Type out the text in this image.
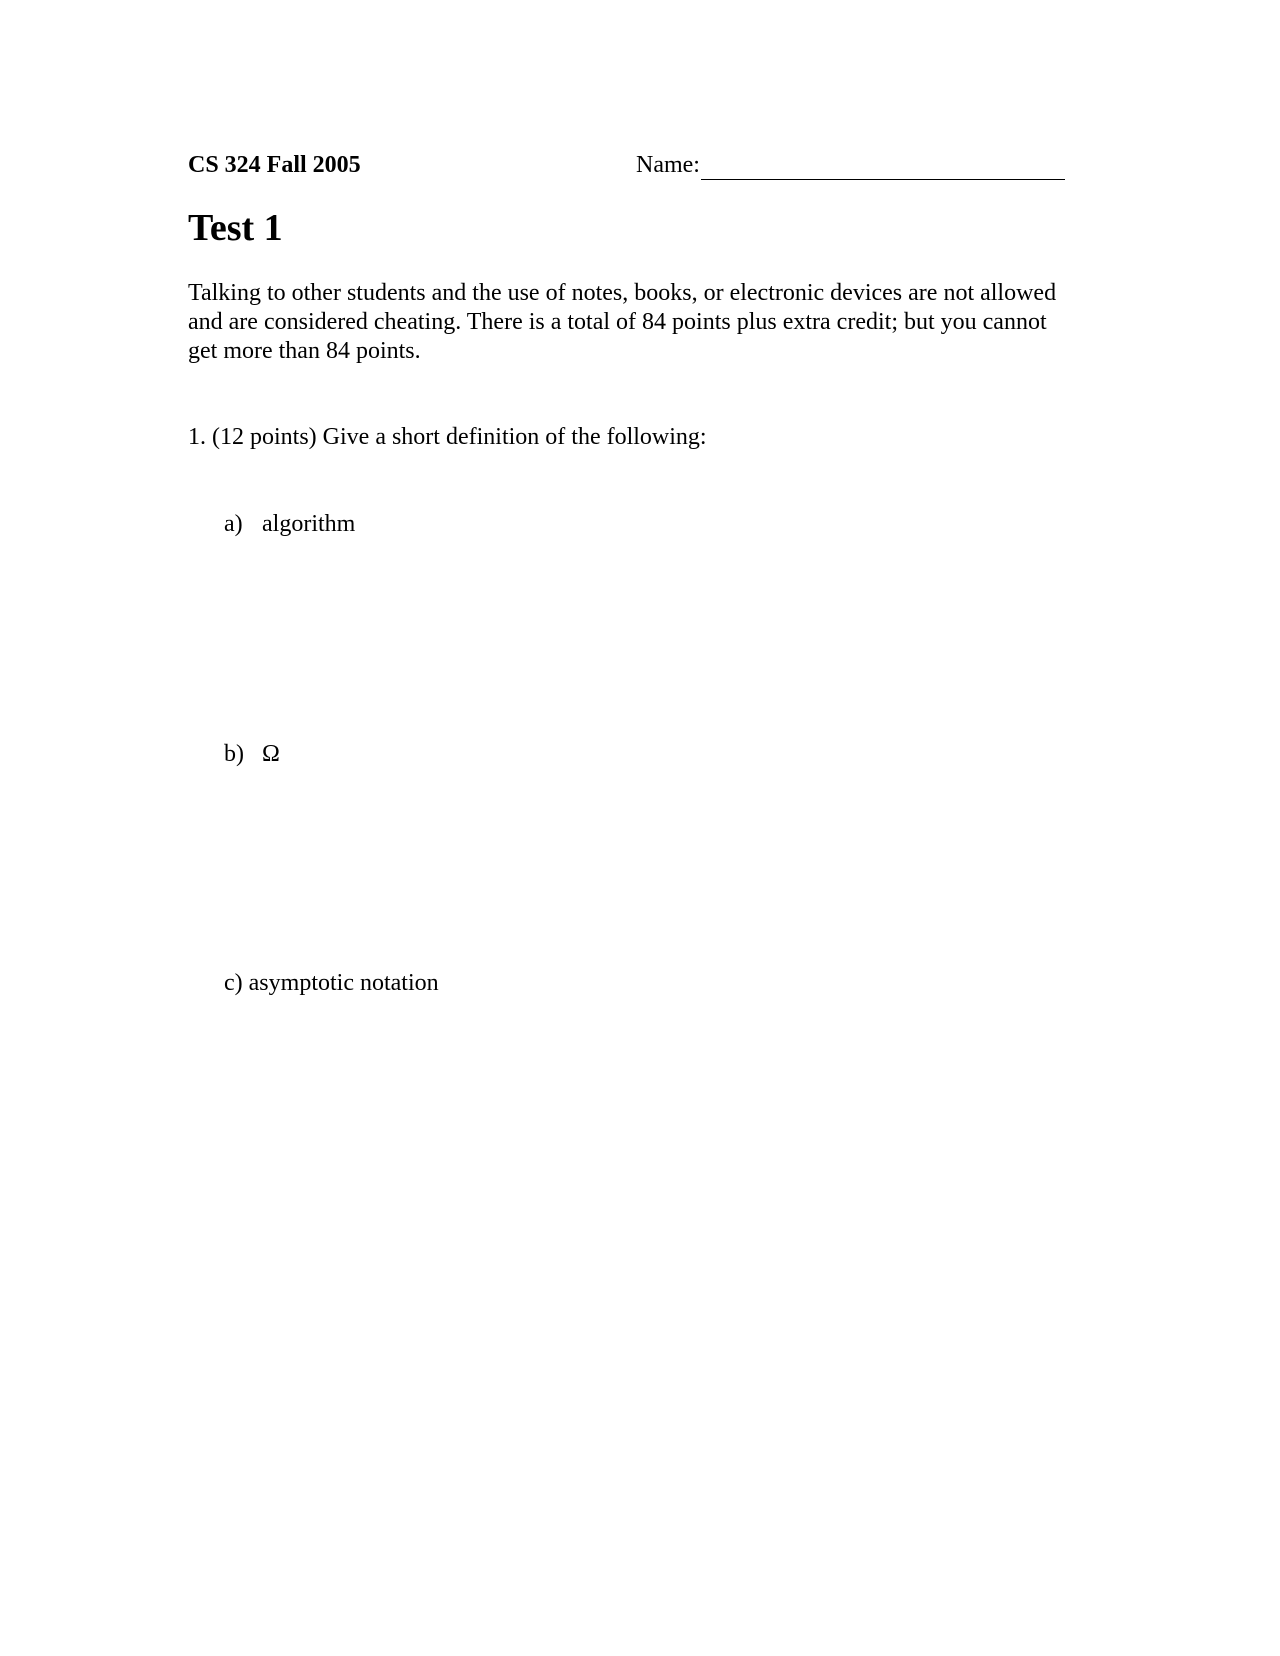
CS 324 Fall 2005	Name:
Test 1

Talking to other students and the use of notes, books, or electronic devices are not allowed and are considered cheating. There is a total of 84 points plus extra credit; but you cannot get more than 84 points.

1. (12 points) Give a short definition of the following:
a) algorithm
b) Ω
c) asymptotic notation
